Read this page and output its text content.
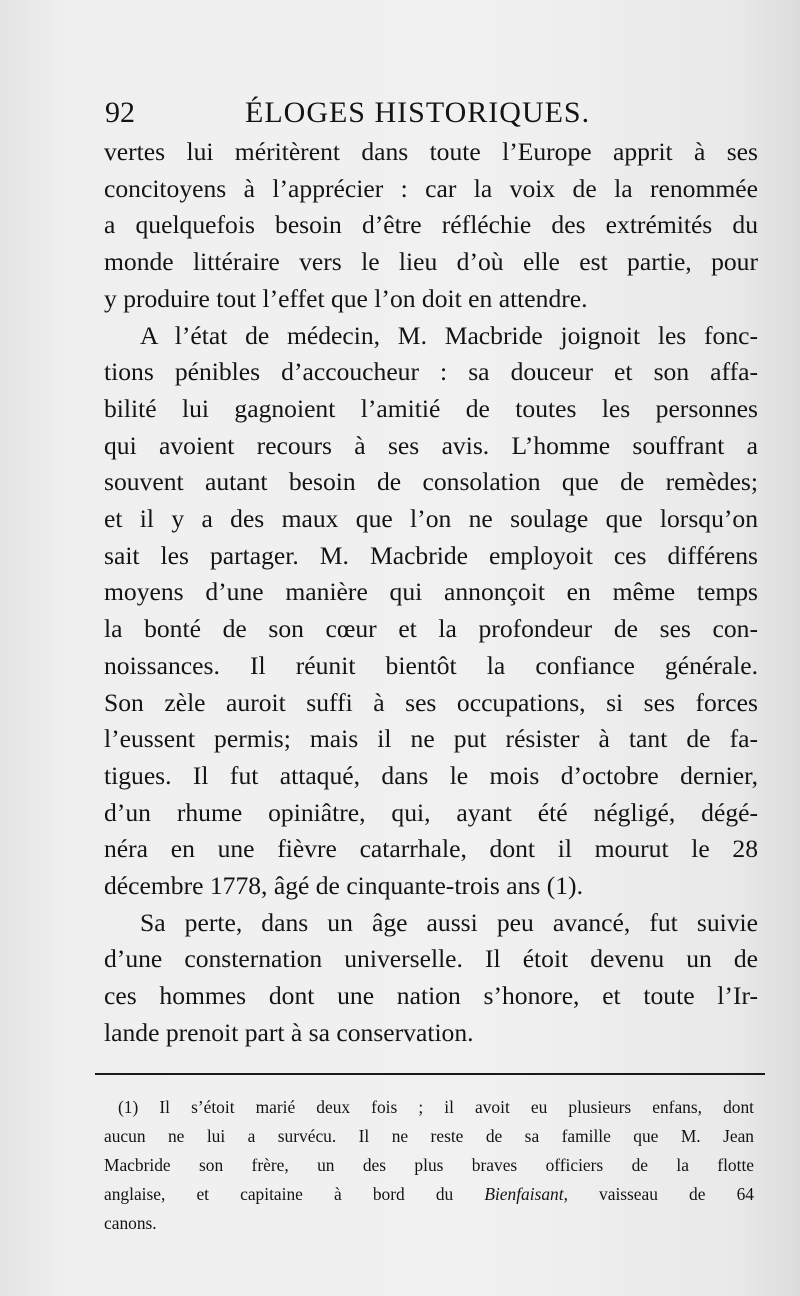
92	ÉLOGES HISTORIQUES.
vertes lui méritèrent dans toute l’Europe apprit à ses
concitoyens à l’apprécier : car la voix de la renommée
a quelquefois besoin d’être réfléchie des extrémités du
monde littéraire vers le lieu d’où elle est partie, pour
y produire tout l’effet que l’on doit en attendre.
A l’état de médecin, M. Macbride joignoit les fonc-
tions pénibles d’accoucheur : sa douceur et son affa-
bilité lui gagnoient l’amitié de toutes les personnes
qui avoient recours à ses avis. L’homme souffrant a
souvent autant besoin de consolation que de remèdes;
et il y a des maux que l’on ne soulage que lorsqu’on
sait les partager. M. Macbride employoit ces différens
moyens d’une manière qui annonçoit en même temps
la bonté de son cœur et la profondeur de ses con-
noissances. Il réunit bientôt la confiance générale.
Son zèle auroit suffi à ses occupations, si ses forces
l’eussent permis; mais il ne put résister à tant de fa-
tigues. Il fut attaqué, dans le mois d’octobre dernier,
d’un rhume opiniâtre, qui, ayant été négligé, dégé-
néra en une fièvre catarrhale, dont il mourut le 28
décembre 1778, âgé de cinquante-trois ans (1).
Sa perte, dans un âge aussi peu avancé, fut suivie
d’une consternation universelle. Il étoit devenu un de
ces hommes dont une nation s’honore, et toute l’Ir-
lande prenoit part à sa conservation.
(1) Il s’étoit marié deux fois ; il avoit eu plusieurs enfans, dont
aucun ne lui a survécu. Il ne reste de sa famille que M. Jean
Macbride son frère, un des plus braves officiers de la flotte
anglaise, et capitaine à bord du Bienfaisant, vaisseau de 64
canons.
